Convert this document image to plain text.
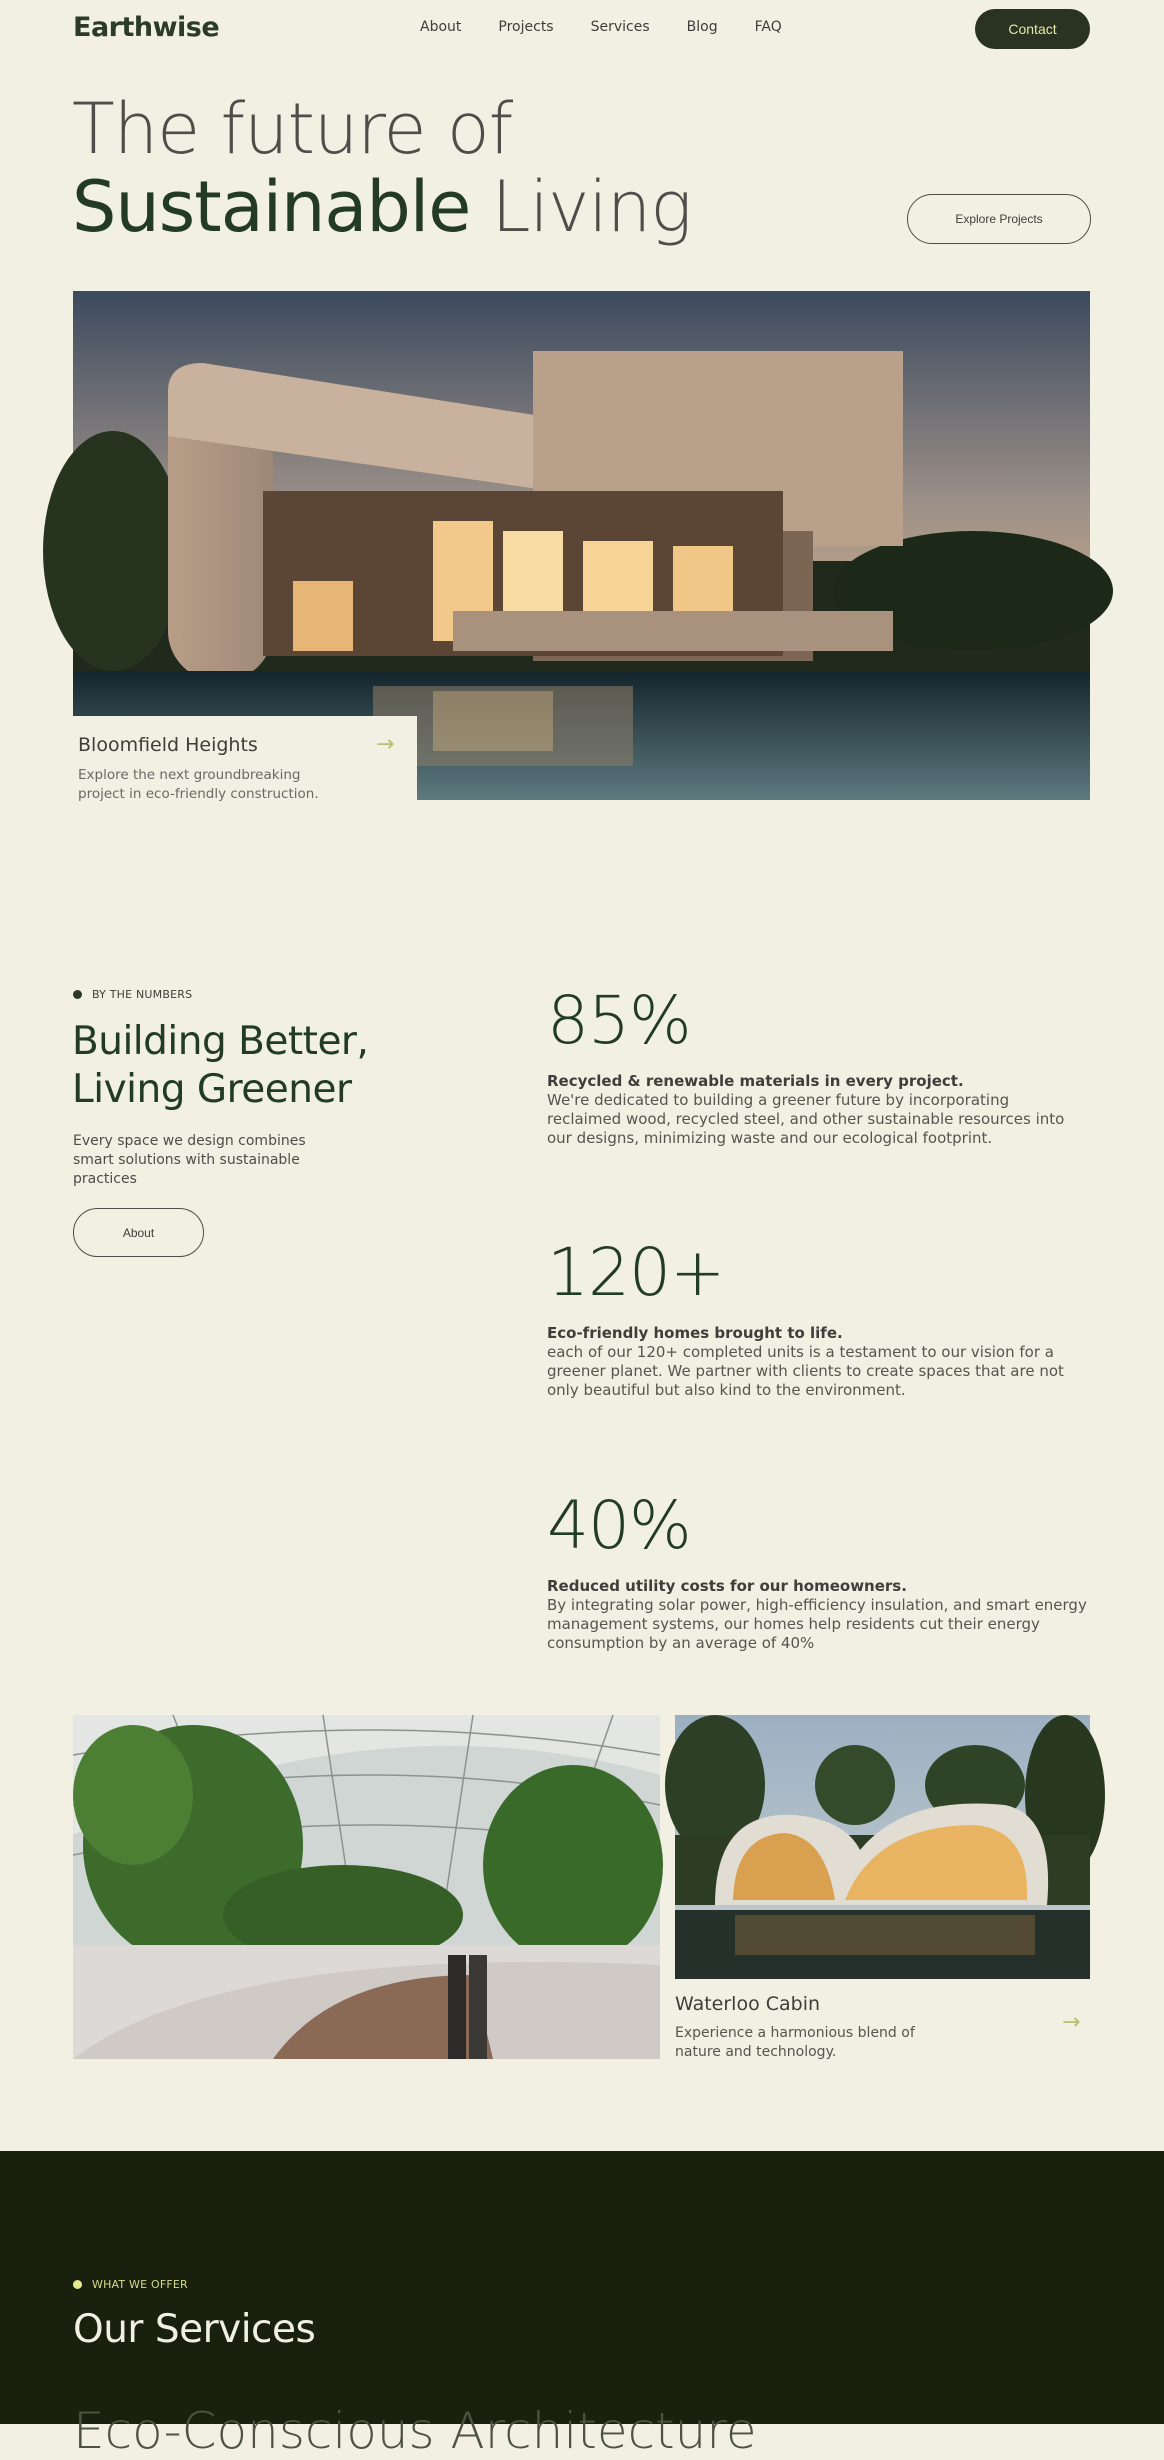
Earthwise	About	Projects	Services	Blog	FAQ	Contact
The future of
Sustainable Living	Explore Projects
Bloomfield Heights
Explore the next groundbreaking project in eco-friendly construction.
→
BY THE NUMBERS
Building Better,
Living Greener

Every space we design combines smart solutions with sustainable practices

About
85%
Recycled & renewable materials in every project.
We're dedicated to building a greener future by incorporating reclaimed wood, recycled steel, and other sustainable resources into our designs, minimizing waste and our ecological footprint.
120+
Eco-friendly homes brought to life.
each of our 120+ completed units is a testament to our vision for a greener planet. We partner with clients to create spaces that are not only beautiful but also kind to the environment.
40%
Reduced utility costs for our homeowners.
By integrating solar power, high-efficiency insulation, and smart energy management systems, our homes help residents cut their energy consumption by an average of 40%
Waterloo Cabin
Experience a harmonious blend of nature and technology.
→
WHAT WE OFFER
Our Services
Eco-Conscious Architecture
